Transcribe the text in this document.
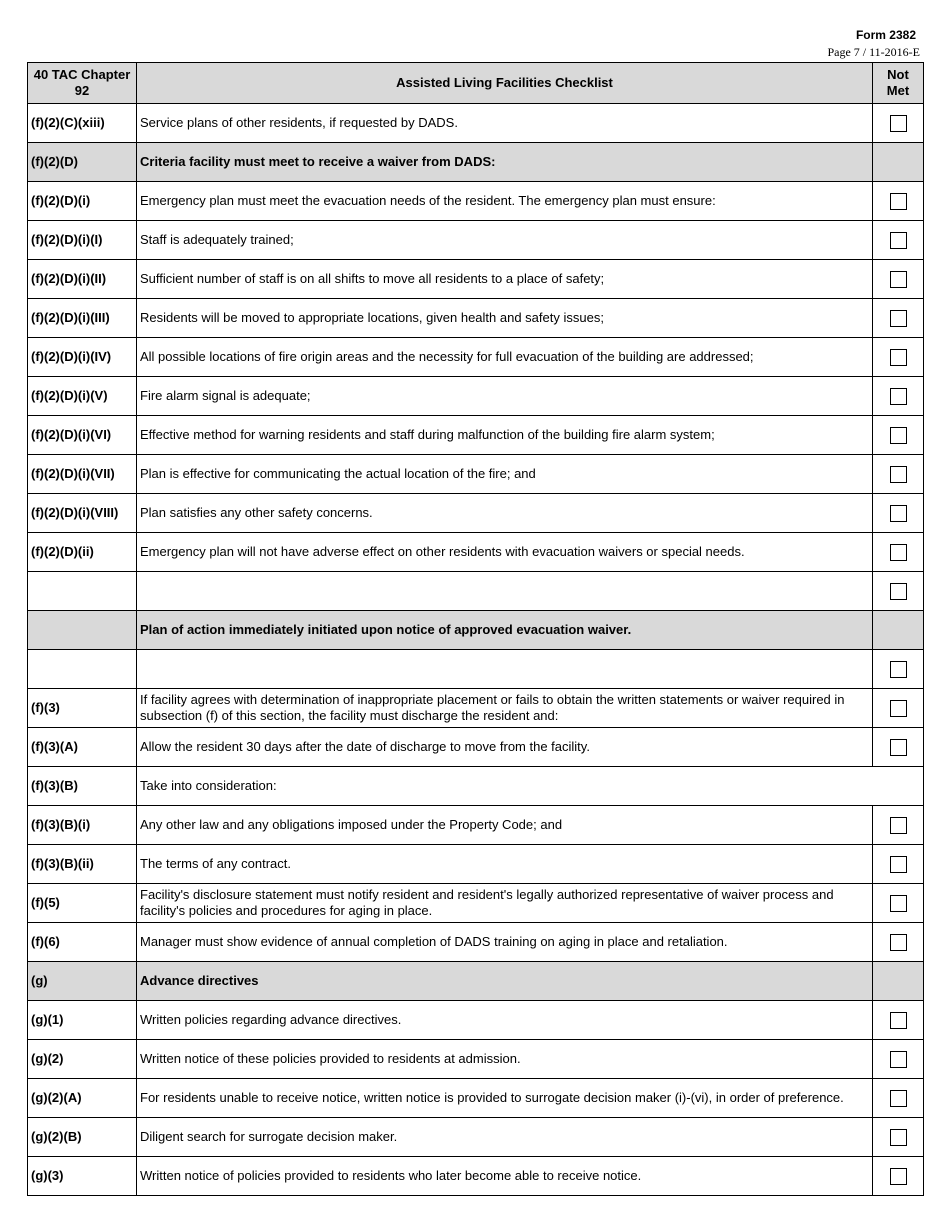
Form 2382
Page 7 / 11-2016-E
40 TAC Chapter 92	Assisted Living Facilities Checklist	Not Met
(f)(2)(C)(xiii)	Service plans of other residents, if requested by DADS.	
(f)(2)(D)	Criteria facility must meet to receive a waiver from DADS:	
(f)(2)(D)(i)	Emergency plan must meet the evacuation needs of the resident. The emergency plan must ensure:	
(f)(2)(D)(i)(I)	Staff is adequately trained;	
(f)(2)(D)(i)(II)	Sufficient number of staff is on all shifts to move all residents to a place of safety;	
(f)(2)(D)(i)(III)	Residents will be moved to appropriate locations, given health and safety issues;	
(f)(2)(D)(i)(IV)	All possible locations of fire origin areas and the necessity for full evacuation of the building are addressed;	
(f)(2)(D)(i)(V)	Fire alarm signal is adequate;	
(f)(2)(D)(i)(VI)	Effective method for warning residents and staff during malfunction of the building fire alarm system;	
(f)(2)(D)(i)(VII)	Plan is effective for communicating the actual location of the fire; and	
(f)(2)(D)(i)(VIII)	Plan satisfies any other safety concerns.	
(f)(2)(D)(ii)	Emergency plan will not have adverse effect on other residents with evacuation waivers or special needs.	

	Plan of action immediately initiated upon notice of approved evacuation waiver.	

(f)(3)	If facility agrees with determination of inappropriate placement or fails to obtain the written statements or waiver required in subsection (f) of this section, the facility must discharge the resident and:	
(f)(3)(A)	Allow the resident 30 days after the date of discharge to move from the facility.	
(f)(3)(B)	Take into consideration:	
(f)(3)(B)(i)	Any other law and any obligations imposed under the Property Code; and	
(f)(3)(B)(ii)	The terms of any contract.	
(f)(5)	Facility's disclosure statement must notify resident and resident's legally authorized representative of waiver process and facility's policies and procedures for aging in place.	
(f)(6)	Manager must show evidence of annual completion of DADS training on aging in place and retaliation.	
(g)	Advance directives	
(g)(1)	Written policies regarding advance directives.	
(g)(2)	Written notice of these policies provided to residents at admission.	
(g)(2)(A)	For residents unable to receive notice, written notice is provided to surrogate decision maker (i)-(vi), in order of preference.	
(g)(2)(B)	Diligent search for surrogate decision maker.	
(g)(3)	Written notice of policies provided to residents who later become able to receive notice.	
